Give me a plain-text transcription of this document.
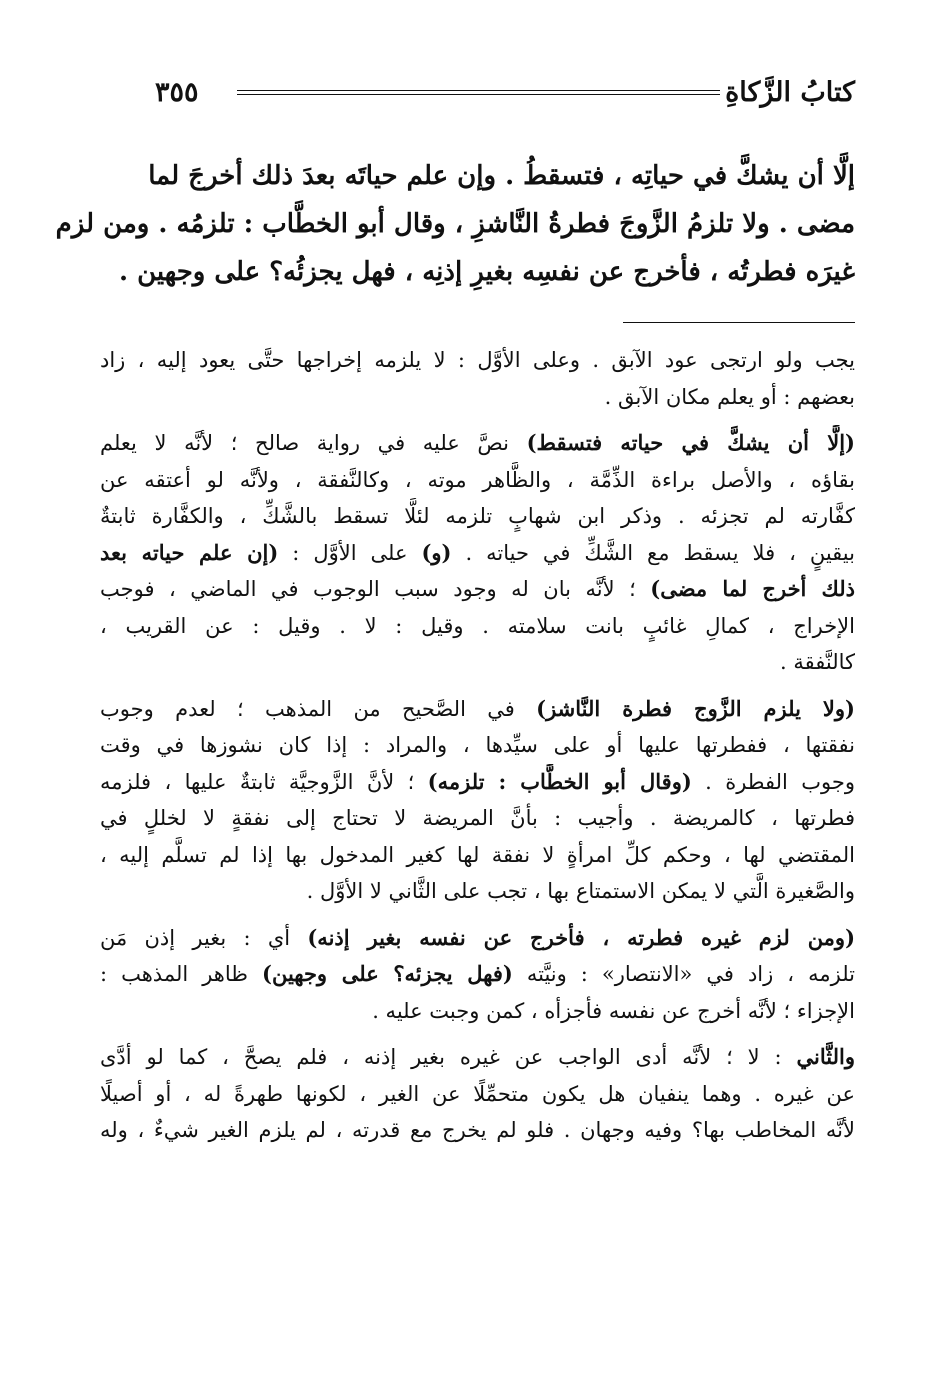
كتابُ الزَّكاةِ
٣٥٥
إلَّا أن يشكَّ في حياتِه ، فتسقطُ . وإن علم حياتَه بعدَ ذلك أخرجَ لما
مضى . ولا تلزمُ الزَّوجَ فطرةُ النَّاشزِ ، وقال أبو الخطَّاب : تلزمُه . ومن لزم
غيرَه فطرتُه ، فأخرج عن نفسِه بغيرِ إذنِه ، فهل يجزئُه؟ على وجهين .
يجب ولو ارتجى عود الآبق . وعلى الأوَّل : لا يلزمه إخراجها حتَّى يعود إليه ، زاد
بعضهم : أو يعلم مكان الآبق .
(إلَّا أن يشكَّ في حياته فتسقط) نصَّ عليه في رواية صالح ؛ لأنَّه لا يعلم
بقاؤه ، والأصل براءة الذِّمَّة ، والظَّاهر موته ، وكالنَّفقة ، ولأنَّه لو أعتقه عن
كفَّارته لم تجزئه . وذكر ابن شهابٍ تلزمه لئلَّا تسقط بالشَّكِّ ، والكفَّارة ثابتةٌ
بيقينٍ ، فلا يسقط مع الشَّكِّ في حياته . (و) على الأوَّل : (إن علم حياته بعد
ذلك أخرج لما مضى) ؛ لأنَّه بان له وجود سبب الوجوب في الماضي ، فوجب
الإخراج ، كمالِ غائبٍ بانت سلامته . وقيل : لا . وقيل : عن القريب ،
كالنَّفقة .
(ولا يلزم الزَّوج فطرة النَّاشز) في الصَّحيح من المذهب ؛ لعدم وجوب
نفقتها ، ففطرتها عليها أو على سيِّدها ، والمراد : إذا كان نشوزها في وقت
وجوب الفطرة . (وقال أبو الخطَّاب : تلزمه) ؛ لأنَّ الزَّوجيَّة ثابتةٌ عليها ، فلزمه
فطرتها ، كالمريضة . وأجيب : بأنَّ المريضة لا تحتاج إلى نفقةٍ لا لخللٍ في
المقتضي لها ، وحكم كلِّ امرأةٍ لا نفقة لها كغير المدخول بها إذا لم تسلَّم إليه ،
والصَّغيرة الَّتي لا يمكن الاستمتاع بها ، تجب على الثَّاني لا الأوَّل .
(ومن لزم غيره فطرته ، فأخرج عن نفسه بغير إذنه) أي : بغير إذن مَن
تلزمه ، زاد في «الانتصار» : ونيَّته (فهل يجزئه؟ على وجهين) ظاهر المذهب :
الإجزاء ؛ لأنَّه أخرج عن نفسه فأجزأه ، كمن وجبت عليه .
والثَّاني : لا ؛ لأنَّه أدى الواجب عن غيره بغير إذنه ، فلم يصحَّ ، كما لو أدَّى
عن غيره . وهما ينفيان هل يكون متحمِّلًا عن الغير ، لكونها طهرةً له ، أو أصيلًا
لأنَّه المخاطب بها؟ وفيه وجهان . فلو لم يخرج مع قدرته ، لم يلزم الغير شيءٌ ، وله
